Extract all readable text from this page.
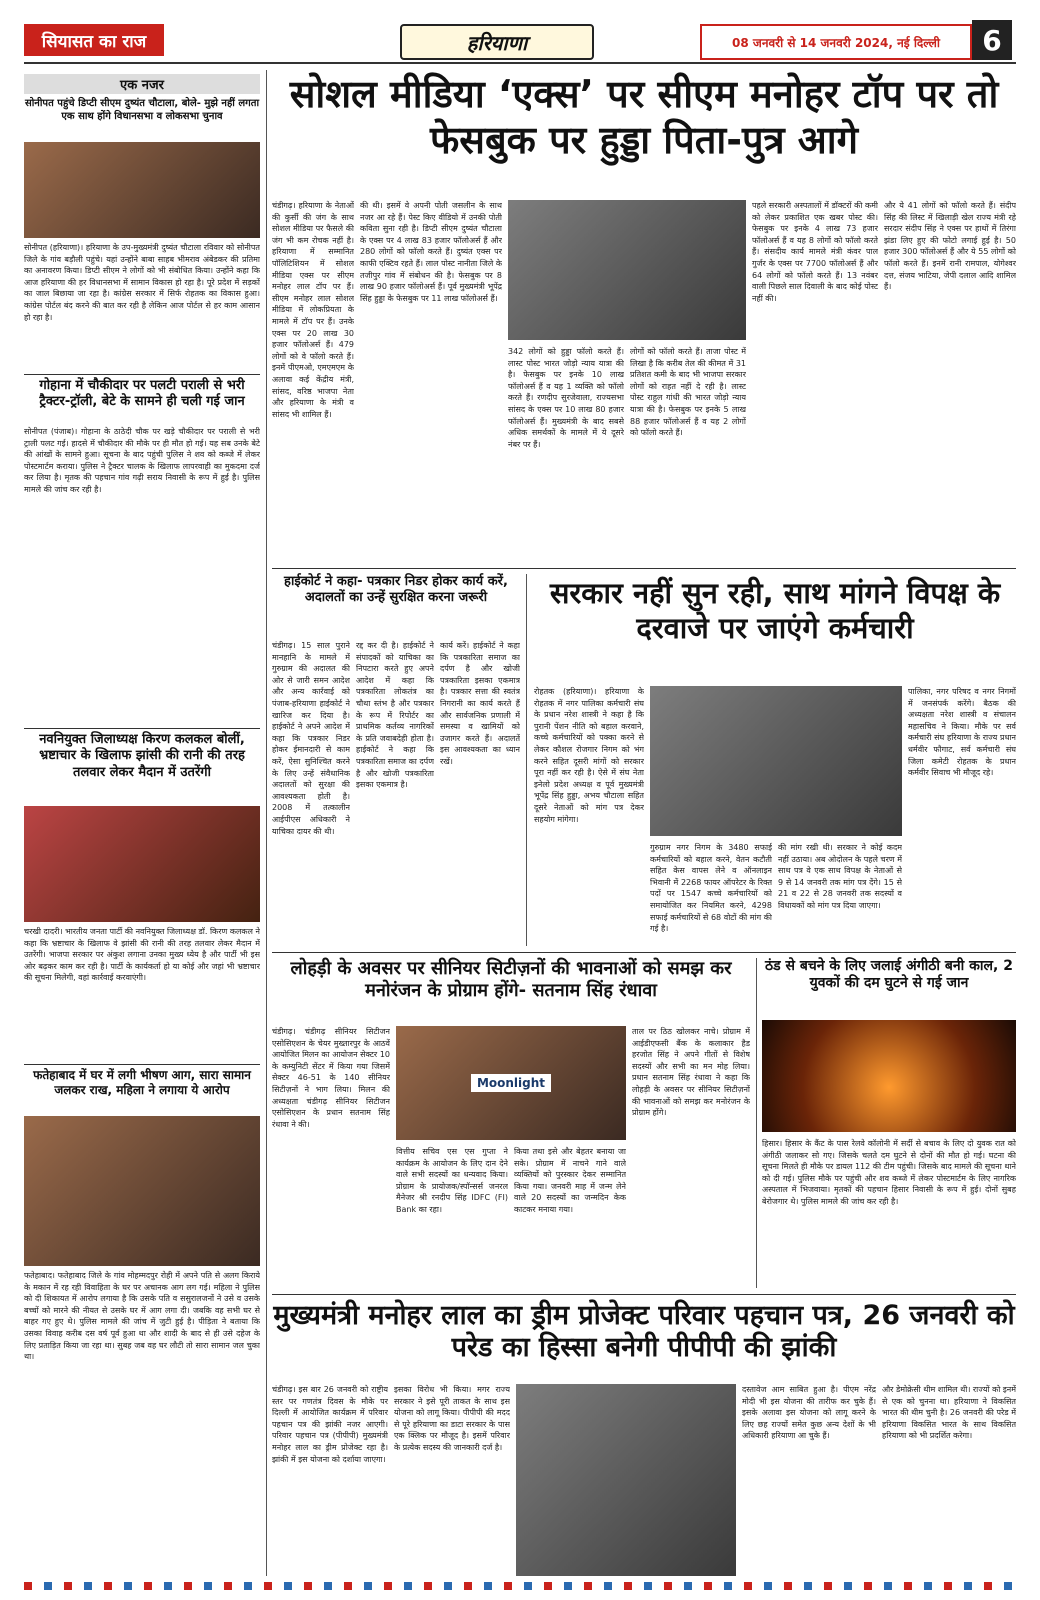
सियासत का राज	हरियाणा	08 जनवरी से 14 जनवरी 2024, नई दिल्ली	6
एक नजर
सोनीपत पहुंचे डिप्टी सीएम दुष्यंत चौटाला, बोले- मुझे नहीं लगता एक साथ होंगे विधानसभा व लोकसभा चुनाव
सोनीपत (हरियाणा)। हरियाणा के उप-मुख्यमंत्री दुष्यंत चौटाला रविवार को सोनीपत जिले के गांव बड़ौली पहुंचे। यहां उन्होंने बाबा साहब भीमराव अंबेडकर की प्रतिमा का अनावरण किया। डिप्टी सीएम ने लोगों को भी संबोधित किया। उन्होंने कहा कि आज हरियाणा की हर विधानसभा में सामान विकास हो रहा है। पूरे प्रदेश में सड़कों का जाल बिछाया जा रहा है। कांग्रेस सरकार में सिर्फ रोहतक का विकास हुआ। कांग्रेस पोर्टल बंद करने की बात कर रही है लेकिन आज पोर्टल से हर काम आसान हो रहा है।
गोहाना में चौकीदार पर पलटी पराली से भरी ट्रैक्टर-ट्रॉली, बेटे के सामने ही चली गई जान
सोनीपत (पंजाब)। गोहाना के ठाठेदी चौक पर खड़े चौकीदार पर पराली से भरी ट्राली पलट गई। हादसे में चौकीदार की मौके पर ही मौत हो गई। यह सब उनके बेटे की आंखों के सामने हुआ। सूचना के बाद पहुंची पुलिस ने शव को कब्जे में लेकर पोस्टमार्टम कराया। पुलिस ने ट्रैक्टर चालक के खिलाफ लापरवाही का मुकदमा दर्ज कर लिया है। मृतक की पहचान गांव गढ़ी सराय निवासी के रूप में हुई है। पुलिस मामले की जांच कर रही है।
नवनियुक्त जिलाध्यक्ष किरण कलकल बोलीं, भ्रष्टाचार के खिलाफ झांसी की रानी की तरह तलवार लेकर मैदान में उतरेंगी
चरखी दादरी। भारतीय जनता पार्टी की नवनियुक्त जिलाध्यक्ष डॉ. किरण कलकल ने कहा कि भ्रष्टाचार के खिलाफ वे झांसी की रानी की तरह तलवार लेकर मैदान में उतरेंगी। भाजपा सरकार पर अंकुश लगाना उनका मुख्य ध्येय है और पार्टी भी इस ओर बढ़कर काम कर रही है। पार्टी के कार्यकर्ता हो या कोई और जहां भी भ्रष्टाचार की सूचना मिलेगी, वहां कार्रवाई करवाएंगी।
फतेहाबाद में घर में लगी भीषण आग, सारा सामान जलकर राख, महिला ने लगाया ये आरोप
फतेहाबाद। फतेहाबाद जिले के गांव मोहम्मदपुर रोही में अपने पति से अलग किराये के मकान में रह रही विवाहिता के घर पर अचानक आग लग गई। महिला ने पुलिस को दी शिकायत में आरोप लगाया है कि उसके पति व ससुरालजनों ने उसे व उसके बच्चों को मारने की नीयत से उसके घर में आग लगा दी। जबकि वह सभी घर से बाहर गए हुए थे। पुलिस मामले की जांच में जुटी हुई है। पीड़िता ने बताया कि उसका विवाह करीब दस वर्ष पूर्व हुआ था और शादी के बाद से ही उसे दहेज के लिए प्रताड़ित किया जा रहा था। सुबह जब वह घर लौटी तो सारा सामान जल चुका था।
सोशल मीडिया ‘एक्स’ पर सीएम मनोहर टॉप पर तो फेसबुक पर हुड्डा पिता-पुत्र आगे
चंडीगढ़। हरियाणा के नेताओं की कुर्सी की जंग के साथ सोशल मीडिया पर फैसले की जंग भी कम रोचक नहीं है। हरियाणा में सम्मानित पॉलिटिशियन में सोशल मीडिया एक्स पर सीएम मनोहर लाल टॉप पर हैं। सीएम मनोहर लाल सोशल मीडिया में लोकप्रियता के मामले में टॉप पर हैं। उनके एक्स पर 20 लाख 30 हजार फॉलोअर्स हैं। 479 लोगों को वे फॉलो करते हैं। इनमें पीएमओ, एमएमएम के अलावा कई केंद्रीय मंत्री, सांसद, वरिष्ठ भाजपा नेता और हरियाणा के मंत्री व सांसद भी शामिल हैं।
की थी। इसमें वे अपनी पोती जसलीन के साथ नजर आ रहे हैं। पेस्ट किए वीडियो में उनकी पोती कविता सुना रही है। डिप्टी सीएम दुष्यंत चौटाला के एक्स पर 4 लाख 83 हजार फॉलोअर्स हैं और 280 लोगों को फॉलो करते हैं। दुष्यंत एक्स पर काफी एक्टिव रहते हैं। लाल पोस्ट नानीता जिले के तजीपुर गांव में संबोधन की है। फेसबुक पर 8 लाख 90 हजार फॉलोअर्स हैं। पूर्व मुख्यमंत्री भूपेंद्र सिंह हुड्डा के फेसबुक पर 11 लाख फॉलोअर्स हैं।
342 लोगों को हुड्डा फॉलो करते हैं। लास्ट पोस्ट भारत जोड़ो न्याय यात्रा की है। फेसबुक पर इनके 10 लाख फॉलोअर्स हैं व यह 1 व्यक्ति को फॉलो करते हैं। रणदीप सुरजेवाला, राज्यसभा सांसद के एक्स पर 10 लाख 80 हजार फॉलोअर्स हैं। मुख्यमंत्री के बाद सबसे अधिक समर्थकों के मामले में ये दूसरे नंबर पर हैं।
लोगों को फॉलो करते हैं। ताजा पोस्ट में लिखा है कि करीब तेल की कीमत में 31 प्रतिशत कमी के बाद भी भाजपा सरकार लोगों को राहत नहीं दे रही है। लास्ट पोस्ट राहुल गांधी की भारत जोड़ो न्याय यात्रा की है। फेसबुक पर इनके 5 लाख 88 हजार फॉलोअर्स हैं व यह 2 लोगों को फॉलो करते हैं।
पहले सरकारी अस्पतालों में डॉक्टरों की कमी को लेकर प्रकाशित एक खबर पोस्ट की। फेसबुक पर इनके 4 लाख 73 हजार फॉलोअर्स हैं व यह 8 लोगों को फॉलो करते हैं। संसदीय कार्य मामले मंत्री कंवर पाल गुर्जर के एक्स पर 7700 फॉलोअर्स हैं और 64 लोगों को फॉलो करते हैं। 13 नवंबर वाली पिछले साल दिवाली के बाद कोई पोस्ट नहीं की।
और ये 41 लोगों को फॉलो करते हैं। संदीप सिंह की लिस्ट में खिलाड़ी खेल राज्य मंत्री रहे सरदार संदीप सिंह ने एक्स पर हाथों में तिरंगा झंडा लिए हुए की फोटो लगाई हुई है। 50 हजार 300 फॉलोअर्स हैं और ये 55 लोगों को फॉलो करते हैं। इनमें रानी रामपाल, योगेश्वर दत्त, संजय भाटिया, जेपी दलाल आदि शामिल हैं।
हाईकोर्ट ने कहा- पत्रकार निडर होकर कार्य करें, अदालतों का उन्हें सुरक्षित करना जरूरी
चंडीगढ़। 15 साल पुराने मानहानि के मामले में गुरुग्राम की अदालत की ओर से जारी समन आदेश और अन्य कार्रवाई को पंजाब-हरियाणा हाईकोर्ट ने खारिज कर दिया है। हाईकोर्ट ने अपने आदेश में कहा कि पत्रकार निडर होकर ईमानदारी से काम करें, ऐसा सुनिश्चित करने के लिए उन्हें संवैधानिक अदालतों को सुरक्षा की आवश्यकता होती है। 2008 में तत्कालीन आईपीएस अधिकारी ने याचिका दायर की थी।
रद्द कर दी है। हाईकोर्ट ने संपादकों को याचिका का निपटारा करते हुए अपने आदेश में कहा कि पत्रकारिता लोकतंत्र का चौथा स्तंभ है और पत्रकार के रूप में रिपोर्टर का प्राथमिक कर्तव्य नागरिकों के प्रति जवाबदेही होता है। हाईकोर्ट ने कहा कि पत्रकारिता समाज का दर्पण है और खोजी पत्रकारिता इसका एकमात्र है।
कार्य करें। हाईकोर्ट ने कहा कि पत्रकारिता समाज का दर्पण है और खोजी पत्रकारिता इसका एकमात्र है। पत्रकार सत्ता की स्वतंत्र निगरानी का कार्य करते हैं और सार्वजनिक प्रणाली में समस्या व खामियों को उजागर करते हैं। अदालतें इस आवश्यकता का ध्यान रखें।
सरकार नहीं सुन रही, साथ मांगने विपक्ष के दरवाजे पर जाएंगे कर्मचारी
रोहतक (हरियाणा)। हरियाणा के रोहतक में नगर पालिका कर्मचारी संघ के प्रधान नरेश शास्त्री ने कहा है कि पुरानी पेंशन नीति को बहाल करवाने, कच्चे कर्मचारियों को पक्का करने से लेकर कौशल रोजगार निगम को भंग करने सहित दूसरी मांगों को सरकार पूरा नहीं कर रही है। ऐसे में संघ नेता इनेलो प्रदेश अध्यक्ष व पूर्व मुख्यमंत्री भूपेंद्र सिंह हुड्डा, अभय चौटाला सहित दूसरे नेताओं को मांग पत्र देकर सहयोग मांगेगा।
गुरुग्राम नगर निगम के 3480 सफाई कर्मचारियों को बहाल करने, वेतन कटौती सहित केस वापस लेने व ऑनलाइन भिवानी में 2268 फायर ऑपरेटर के रिक्त पदों पर 1547 कच्चे कर्मचारियों को समायोजित कर नियमित करने, 4298 सफाई कर्मचारियों से 68 वोटों की मांग की गई है।
की मांग रखी थी। सरकार ने कोई कदम नहीं उठाया। अब ओदोलन के पहले चरण में साथ पत्र वे एक साथ विपक्ष के नेताओं से 9 से 14 जनवरी तक मांग पत्र देंगे। 15 से 21 व 22 से 28 जनवरी तक सदस्यों व विधायकों को मांग पत्र दिया जाएगा।
पालिका, नगर परिषद व नगर निगमों में जनसंपर्क करेंगे। बैठक की अध्यक्षता नरेश शास्त्री व संचालन महासचिव ने किया। मौके पर सर्व कर्मचारी संघ हरियाणा के राज्य प्रधान धर्मवीर फौगाट, सर्व कर्मचारी संघ जिला कमेटी रोहतक के प्रधान कर्मवीर सिवाच भी मौजूद रहे।
लोहड़ी के अवसर पर सीनियर सिटीज़नों की भावनाओं को समझ कर मनोरंजन के प्रोग्राम होंगे- सतनाम सिंह रंधावा
चंडीगढ़। चंडीगढ़ सीनियर सिटीजन एसोसिएशन के चेयर मुख्तारपुर के आठवें आयोजित मिलन का आयोजन सेक्टर 10 के कम्युनिटी सेंटर में किया गया जिसमें सेक्टर 46-51 के 140 सीनियर सिटीज़नों ने भाग लिया। मिलन की अध्यक्षता चंडीगढ़ सीनियर सिटीजन एसोसिएशन के प्रधान सतनाम सिंह रंधावा ने की।
Moonlight
वित्तीय सचिव एस एस गुप्ता ने कार्यक्रम के आयोजन के लिए दान देने वाले सभी सदस्यों का धन्यवाद किया। प्रोग्राम के प्रायोजक/स्पॉन्सर्स जनरल मैनेजर श्री रनदीप सिंह IDFC (FI) Bank का रहा।
किया तथा इसे और बेहतर बनाया जा सके। प्रोग्राम में नाचने गाने वाले व्यक्तियों को पुरस्कार देकर सम्मानित किया गया। जनवरी माह में जन्म लेने वाले 20 सदस्यों का जन्मदिन केक काटकर मनाया गया।
ताल पर ठिठ खोलकर नाचे। प्रोग्राम में आईडीएफसी बैंक के कलाकार हैड हरजोत सिंह ने अपने गीतों से विशेष सदस्यों और सभी का मन मोह लिया। प्रधान सतनाम सिंह रंधावा ने कहा कि लोहड़ी के अवसर पर सीनियर सिटीज़नों की भावनाओं को समझ कर मनोरंजन के प्रोग्राम होंगे।
ठंड से बचने के लिए जलाई अंगीठी बनी काल, 2 युवकों की दम घुटने से गई जान
हिसार। हिसार के कैंट के पास रेलवे कॉलोनी में सर्दी से बचाव के लिए दो युवक रात को अंगीठी जलाकर सो गए। जिसके चलते दम घुटने से दोनों की मौत हो गई। घटना की सूचना मिलते ही मौके पर डायल 112 की टीम पहुंची। जिसके बाद मामले की सूचना थाने को दी गई। पुलिस मौके पर पहुंची और शव कब्जे में लेकर पोस्टमार्टम के लिए नागरिक अस्पताल में भिजवाया। मृतकों की पहचान हिसार निवासी के रूप में हुई। दोनों सुबह बेरोजगार थे। पुलिस मामले की जांच कर रही है।
मुख्यमंत्री मनोहर लाल का ड्रीम प्रोजेक्ट परिवार पहचान पत्र, 26 जनवरी को परेड का हिस्सा बनेगी पीपीपी की झांकी
चंडीगढ़। इस बार 26 जनवरी को राष्ट्रीय स्तर पर गणतंत्र दिवस के मौके पर दिल्ली में आयोजित कार्यक्रम में परिवार पहचान पत्र की झांकी नजर आएगी। परिवार पहचान पत्र (पीपीपी) मुख्यमंत्री मनोहर लाल का ड्रीम प्रोजेक्ट रहा है। झांकी में इस योजना को दर्शाया जाएगा।
इसका विरोध भी किया। मगर राज्य सरकार ने इसे पूरी ताकत के साथ इस योजना को लागू किया। पीपीपी की मदद से पूरे हरियाणा का डाटा सरकार के पास एक क्लिक पर मौजूद है। इसमें परिवार के प्रत्येक सदस्य की जानकारी दर्ज है।
दस्तावेज आम साबित हुआ है। पीएम नरेंद्र मोदी भी इस योजना की तारीफ कर चुके हैं। इसके अलावा इस योजना को लागू करने के लिए छह राज्यों समेत कुछ अन्य देशों के भी अधिकारी हरियाणा आ चुके हैं।
और डेमोक्रेसी थीम शामिल थी। राज्यों को इनमें से एक को चुनना था। हरियाणा ने विकसित भारत की थीम चुनी है। 26 जनवरी की परेड में हरियाणा विकसित भारत के साथ विकसित हरियाणा को भी प्रदर्शित करेगा।
